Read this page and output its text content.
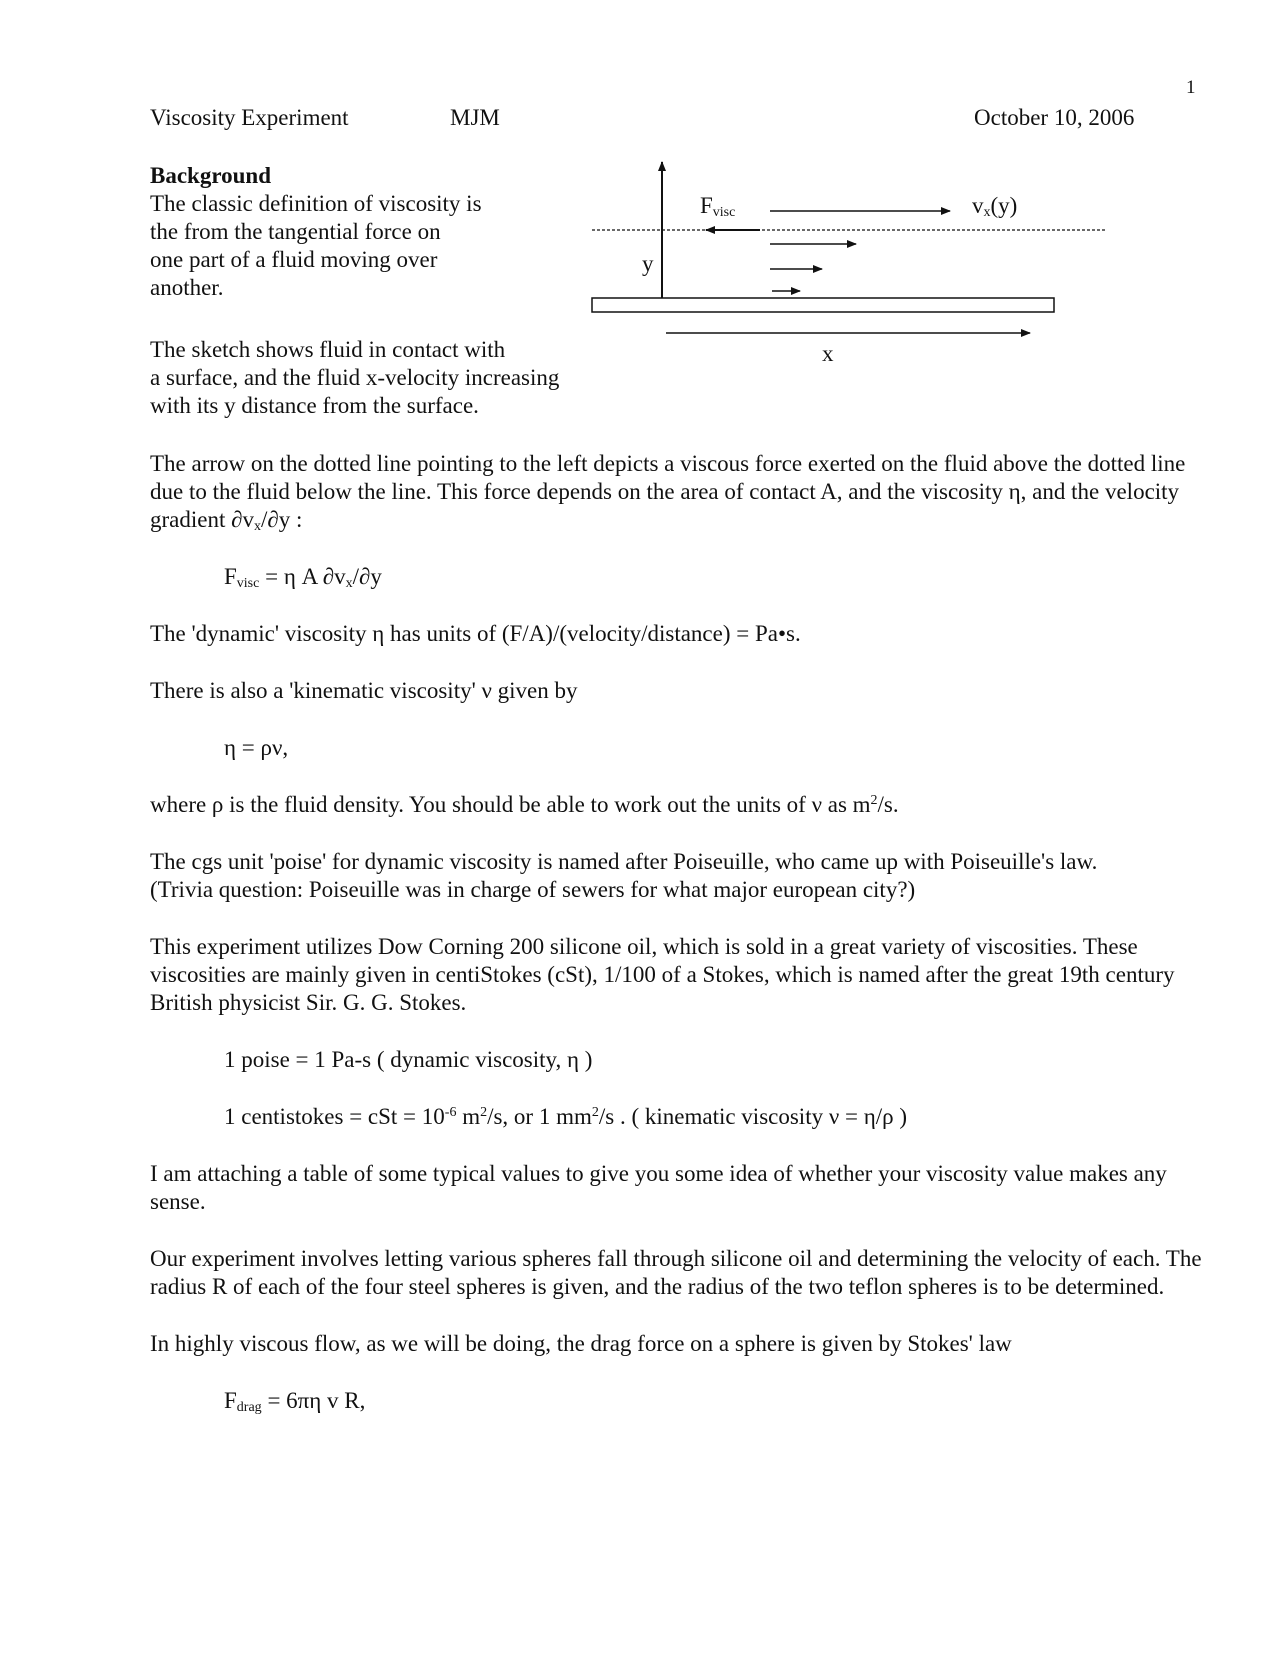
1
Viscosity Experiment	MJM	October 10, 2006

Background

The classic definition of viscosity is

the from the tangential force on

one part of a fluid moving over

another.

The sketch shows fluid in contact with

a surface, and the fluid x-velocity increasing

with its y distance from the surface.

$F_{visc}$	$v_x(y)$
y
x

The arrow on the dotted line pointing to the left depicts a viscous force exerted on the fluid above the dotted line due to the fluid below the line. This force depends on the area of contact A, and the viscosity η, and the velocity gradient $\partial v_x/\partial y$ :

$F_{visc} = \eta$ A $\partial v_x/\partial y$

The 'dynamic' viscosity η has units of (F/A)/(velocity/distance) = Pa•s.

There is also a 'kinematic viscosity' ν given by

η = ρν,

where ρ is the fluid density. You should be able to work out the units of ν as $m^2/s$.

The cgs unit 'poise' for dynamic viscosity is named after Poiseuille, who came up with Poiseuille's law.
(Trivia question: Poiseuille was in charge of sewers for what major european city?)

This experiment utilizes Dow Corning 200 silicone oil, which is sold in a great variety of viscosities. These viscosities are mainly given in centiStokes (cSt), 1/100 of a Stokes, which is named after the great 19th century British physicist Sir. G. G. Stokes.

1 poise = 1 Pa-s ( dynamic viscosity, η )

1 centistokes = cSt = $10^{-6}$ $m^2/s$, or 1 $mm^2/s$ . ( kinematic viscosity ν = η/ρ )

I am attaching a table of some typical values to give you some idea of whether your viscosity value makes any sense.

Our experiment involves letting various spheres fall through silicone oil and determining the velocity of each. The radius R of each of the four steel spheres is given, and the radius of the two teflon spheres is to be determined.

In highly viscous flow, as we will be doing, the drag force on a sphere is given by Stokes' law

$F_{drag} = 6\pi\eta$ v R,
